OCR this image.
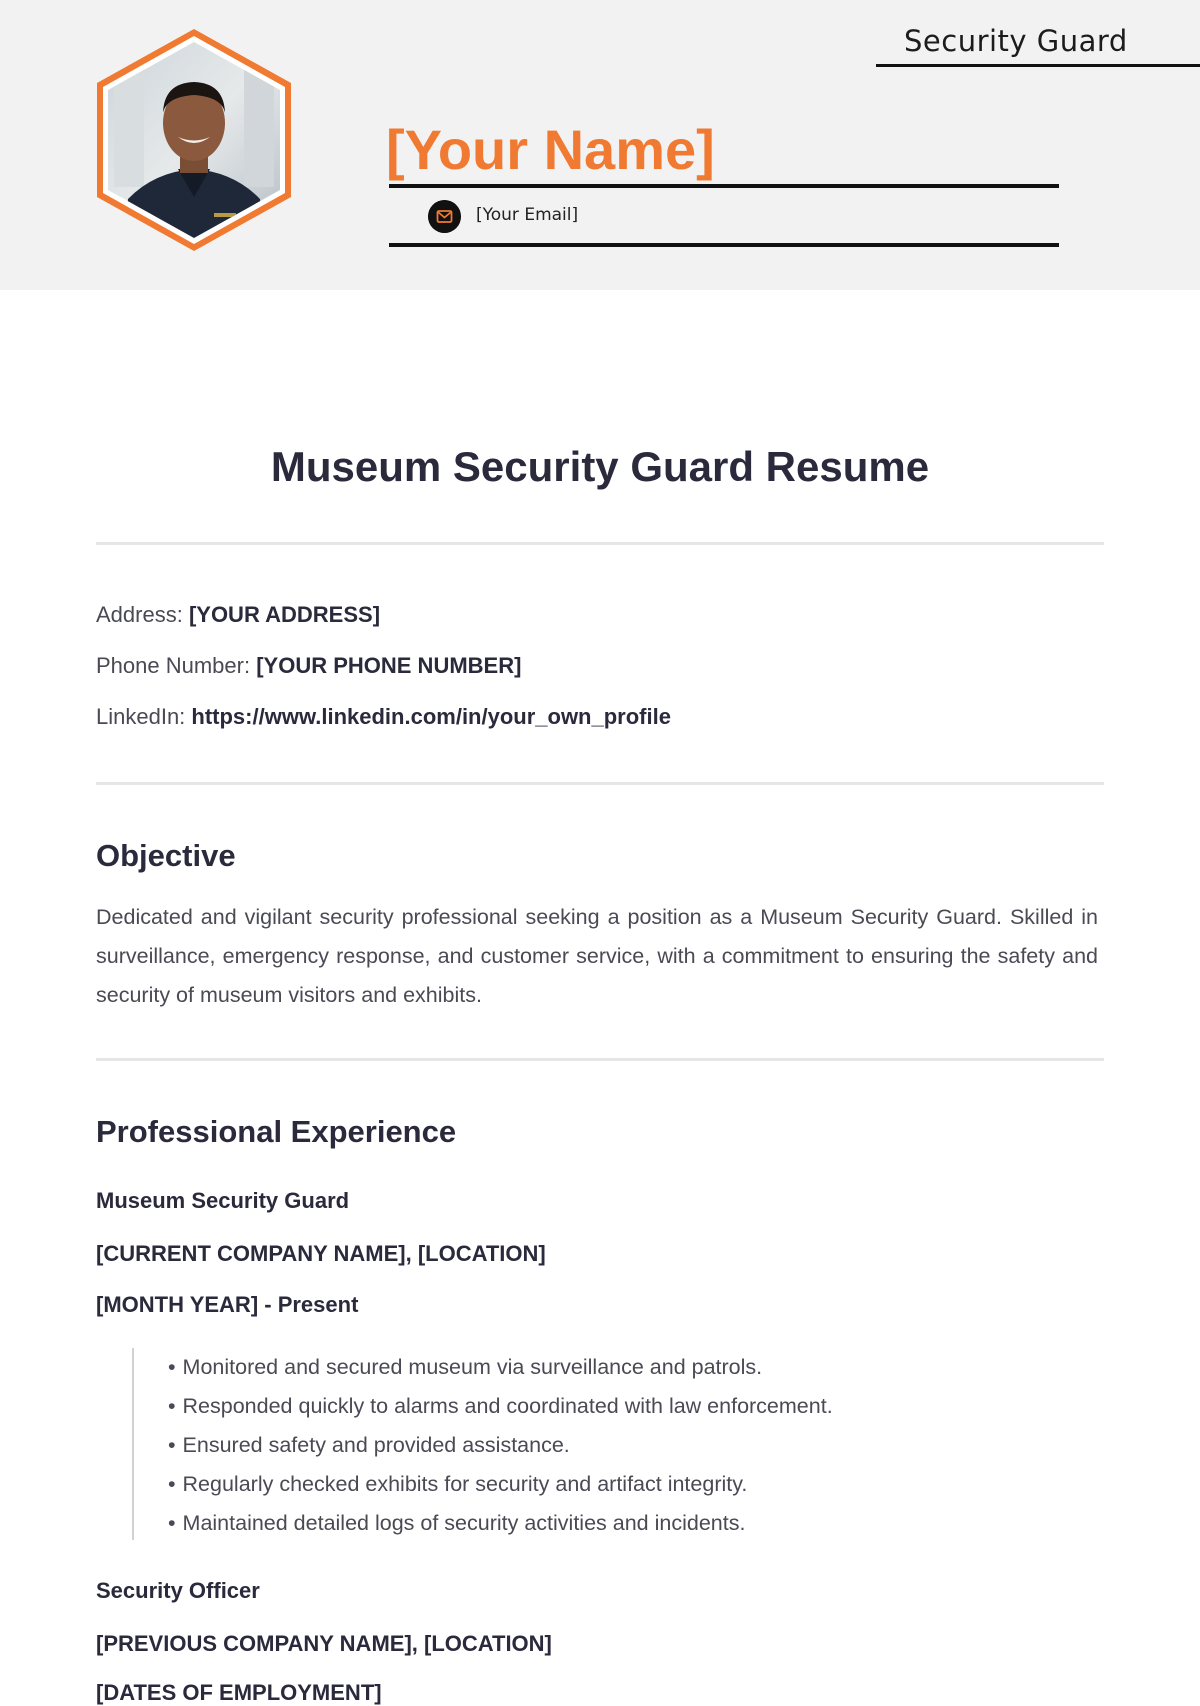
Security Guard
[Your Name]
[Your Email]
Museum Security Guard Resume
Address: [YOUR ADDRESS]
Phone Number: [YOUR PHONE NUMBER]
LinkedIn: https://www.linkedin.com/in/your_own_profile
Objective
Dedicated and vigilant security professional seeking a position as a Museum Security Guard. Skilled in surveillance, emergency response, and customer service, with a commitment to ensuring the safety and security of museum visitors and exhibits.
Professional Experience
Museum Security Guard
[CURRENT COMPANY NAME], [LOCATION]
[MONTH YEAR] - Present
• Monitored and secured museum via surveillance and patrols.
• Responded quickly to alarms and coordinated with law enforcement.
• Ensured safety and provided assistance.
• Regularly checked exhibits for security and artifact integrity.
• Maintained detailed logs of security activities and incidents.
Security Officer
[PREVIOUS COMPANY NAME], [LOCATION]
[DATES OF EMPLOYMENT]
